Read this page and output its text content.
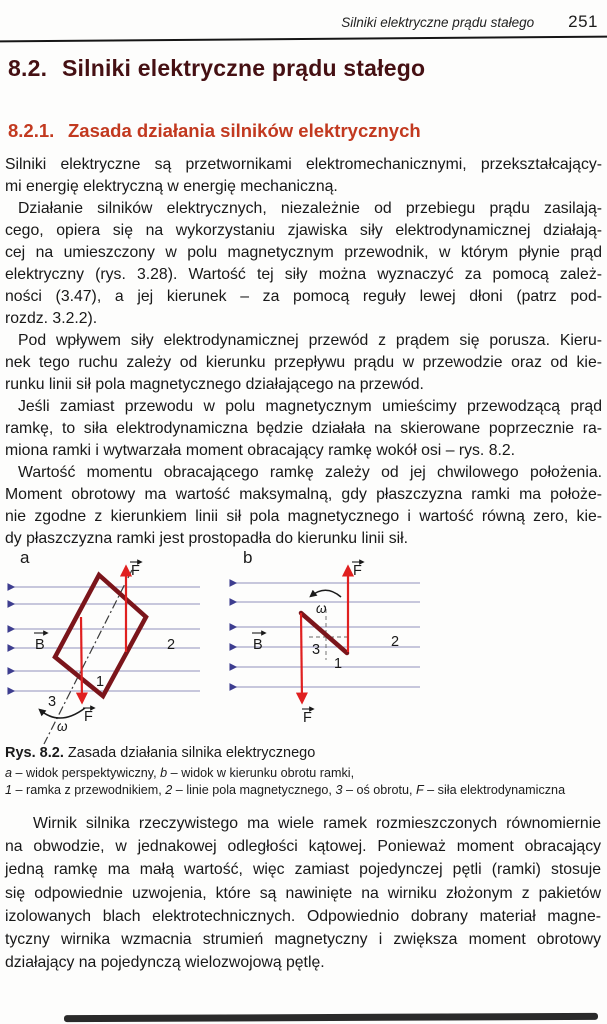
Silniki elektryczne prądu stałego 251
8.2. Silniki elektryczne prądu stałego
8.2.1. Zasada działania silników elektrycznych
Silniki elektryczne są przetwornikami elektromechanicznymi, przekształcający-
mi energię elektryczną w energię mechaniczną.
Działanie silników elektrycznych, niezależnie od przebiegu prądu zasilają-
cego, opiera się na wykorzystaniu zjawiska siły elektrodynamicznej działają-
cej na umieszczony w polu magnetycznym przewodnik, w którym płynie prąd
elektryczny (rys. 3.28). Wartość tej siły można wyznaczyć za pomocą zależ-
ności (3.47), a jej kierunek – za pomocą reguły lewej dłoni (patrz pod-
rozdz. 3.2.2).
Pod wpływem siły elektrodynamicznej przewód z prądem się porusza. Kieru-
nek tego ruchu zależy od kierunku przepływu prądu w przewodzie oraz od kie-
runku linii sił pola magnetycznego działającego na przewód.
Jeśli zamiast przewodu w polu magnetycznym umieścimy przewodzącą prąd
ramkę, to siła elektrodynamiczna będzie działała na skierowane poprzecznie ra-
miona ramki i wytwarzała moment obracający ramkę wokół osi – rys. 8.2.
Wartość momentu obracającego ramkę zależy od jej chwilowego położenia.
Moment obrotowy ma wartość maksymalną, gdy płaszczyzna ramki ma położe-
nie zgodne z kierunkiem linii sił pola magnetycznego i wartość równą zero, kie-
dy płaszczyzna ramki jest prostopadła do kierunku linii sił.
a
B
F
F
ω
1
2
3
b
B
F
F
ω
1
2
3
Rys. 8.2. Zasada działania silnika elektrycznego
a – widok perspektywiczny, b – widok w kierunku obrotu ramki,
1 – ramka z przewodnikiem, 2 – linie pola magnetycznego, 3 – oś obrotu, F – siła elektrodynamiczna
Wirnik silnika rzeczywistego ma wiele ramek rozmieszczonych równomiernie
na obwodzie, w jednakowej odległości kątowej. Ponieważ moment obracający
jedną ramkę ma małą wartość, więc zamiast pojedynczej pętli (ramki) stosuje
się odpowiednie uzwojenia, które są nawinięte na wirniku złożonym z pakietów
izolowanych blach elektrotechnicznych. Odpowiednio dobrany materiał magne-
tyczny wirnika wzmacnia strumień magnetyczny i zwiększa moment obrotowy
działający na pojedynczą wielozwojową pętlę.
